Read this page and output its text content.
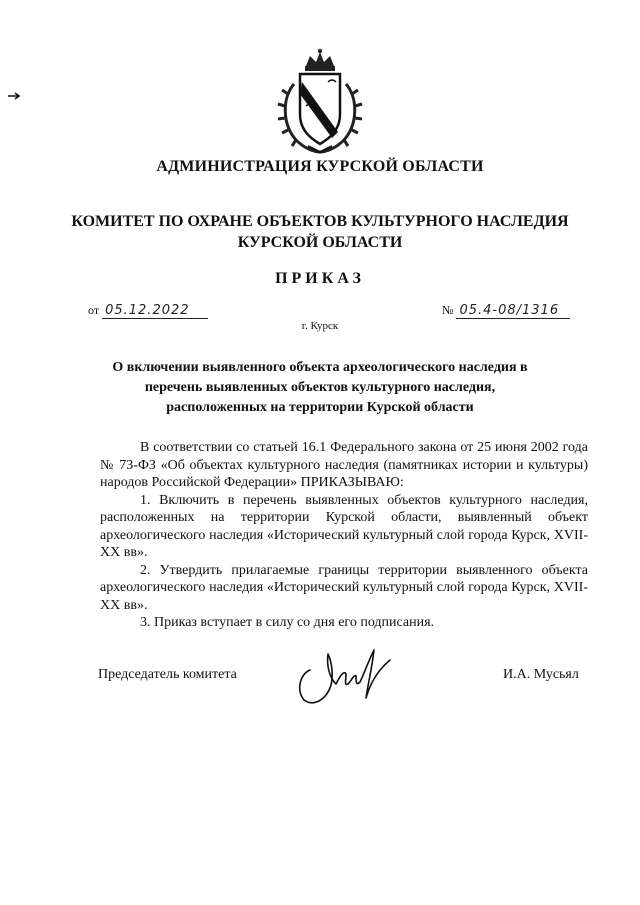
АДМИНИСТРАЦИЯ КУРСКОЙ ОБЛАСТИ
КОМИТЕТ ПО ОХРАНЕ ОБЪЕКТОВ КУЛЬТУРНОГО НАСЛЕДИЯ
КУРСКОЙ ОБЛАСТИ
ПРИКАЗ
от 05.12.2022	№ 05.4-08/1316
г. Курск
О включении выявленного объекта археологического наследия в
перечень выявленных объектов культурного наследия,
расположенных на территории Курской области

В соответствии со статьей 16.1 Федерального закона от 25 июня 2002 года № 73-ФЗ «Об объектах культурного наследия (памятниках истории и культуры) народов Российской Федерации» ПРИКАЗЫВАЮ:

1. Включить в перечень выявленных объектов культурного наследия, расположенных на территории Курской области, выявленный объект археологического наследия «Исторический культурный слой города Курск, XVII-XX вв».

2. Утвердить прилагаемые границы территории выявленного объекта археологического наследия «Исторический культурный слой города Курск, XVII-XX вв».

3. Приказ вступает в силу со дня его подписания.

Председатель комитета	И.А. Мусьял
